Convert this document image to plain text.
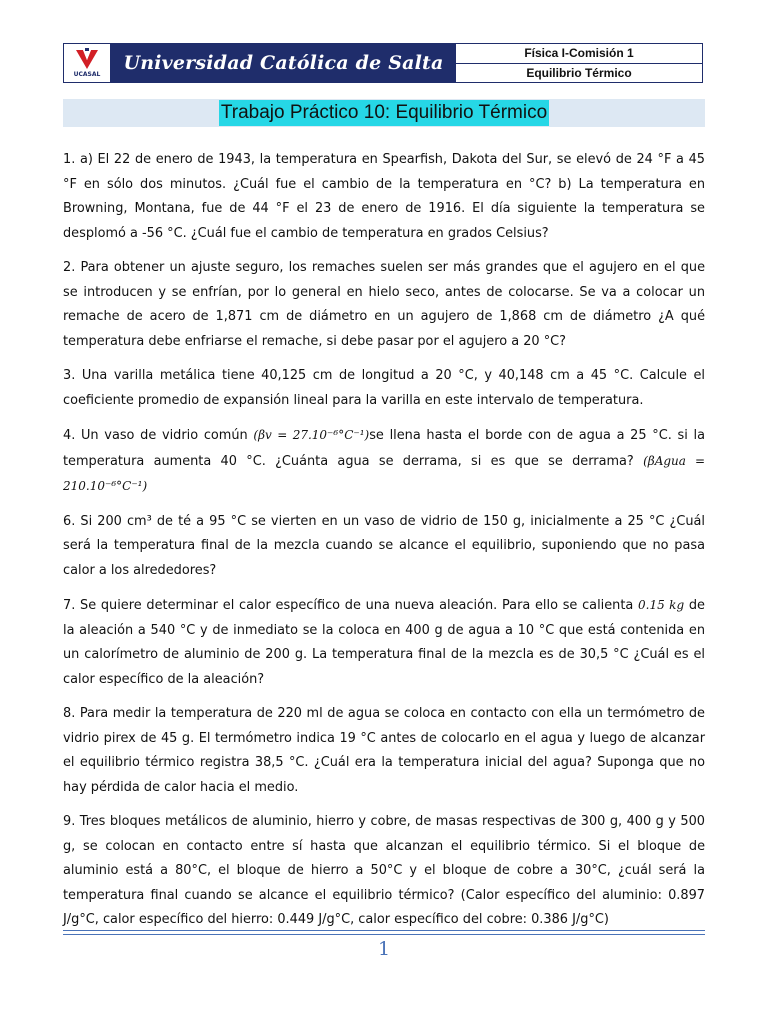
UCASAL
Universidad Católica de Salta	Física I-Comisión 1
Equilibrio Térmico
Trabajo Práctico 10: Equilibrio Térmico

1. a) El 22 de enero de 1943, la temperatura en Spearfish, Dakota del Sur, se elevó de 24 °F a 45 °F en sólo dos minutos. ¿Cuál fue el cambio de la temperatura en °C? b) La temperatura en Browning, Montana, fue de 44 °F el 23 de enero de 1916. El día siguiente la temperatura se desplomó a -56 °C. ¿Cuál fue el cambio de temperatura en grados Celsius?

2. Para obtener un ajuste seguro, los remaches suelen ser más grandes que el agujero en el que se introducen y se enfrían, por lo general en hielo seco, antes de colocarse. Se va a colocar un remache de acero de 1,871 cm de diámetro en un agujero de 1,868 cm de diámetro ¿A qué temperatura debe enfriarse el remache, si debe pasar por el agujero a 20 °C?

3. Una varilla metálica tiene 40,125 cm de longitud a 20 °C, y 40,148 cm a 45 °C. Calcule el coeficiente promedio de expansión lineal para la varilla en este intervalo de temperatura.

4. Un vaso de vidrio común (βv = 27.10⁻⁶°C⁻¹)se llena hasta el borde con de agua a 25 °C. si la temperatura aumenta 40 °C. ¿Cuánta agua se derrama, si es que se derrama? (βAgua = 210.10⁻⁶°C⁻¹)

6. Si 200 cm³ de té a 95 °C se vierten en un vaso de vidrio de 150 g, inicialmente a 25 °C ¿Cuál será la temperatura final de la mezcla cuando se alcance el equilibrio, suponiendo que no pasa calor a los alrededores?

7. Se quiere determinar el calor específico de una nueva aleación. Para ello se calienta 0.15 kg de la aleación a 540 °C y de inmediato se la coloca en 400 g de agua a 10 °C que está contenida en un calorímetro de aluminio de 200 g. La temperatura final de la mezcla es de 30,5 °C ¿Cuál es el calor específico de la aleación?

8. Para medir la temperatura de 220 ml de agua se coloca en contacto con ella un termómetro de vidrio pirex de 45 g. El termómetro indica 19 °C antes de colocarlo en el agua y luego de alcanzar el equilibrio térmico registra 38,5 °C. ¿Cuál era la temperatura inicial del agua? Suponga que no hay pérdida de calor hacia el medio.

9. Tres bloques metálicos de aluminio, hierro y cobre, de masas respectivas de 300 g, 400 g y 500 g, se colocan en contacto entre sí hasta que alcanzan el equilibrio térmico. Si el bloque de aluminio está a 80°C, el bloque de hierro a 50°C y el bloque de cobre a 30°C, ¿cuál será la temperatura final cuando se alcance el equilibrio térmico? (Calor específico del aluminio: 0.897 J/g°C, calor específico del hierro: 0.449 J/g°C, calor específico del cobre: 0.386 J/g°C)

1
